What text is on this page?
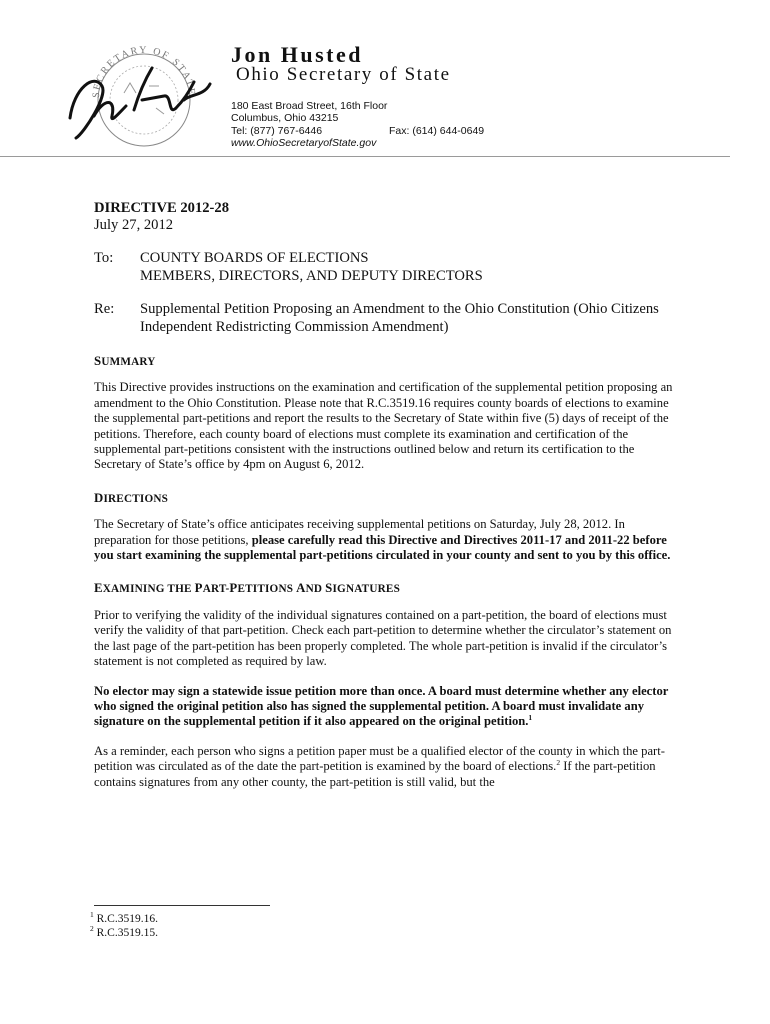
SECRETARY OF STATE
Jon Husted
Jon Husted
Ohio Secretary of State
180 East Broad Street, 16th Floor
Columbus, Ohio 43215
Tel: (877) 767-6446	Fax: (614) 644-0649
www.OhioSecretaryofState.gov
DIRECTIVE 2012-28
July 27, 2012
To:	COUNTY BOARDS OF ELECTIONS
MEMBERS, DIRECTORS, AND DEPUTY DIRECTORS
Re:	Supplemental Petition Proposing an Amendment to the Ohio Constitution (Ohio Citizens Independent Redistricting Commission Amendment)
SUMMARY

This Directive provides instructions on the examination and certification of the supplemental petition proposing an amendment to the Ohio Constitution. Please note that R.C.3519.16 requires county boards of elections to examine the supplemental part-petitions and report the results to the Secretary of State within five (5) days of receipt of the petitions. Therefore, each county board of elections must complete its examination and certification of the supplemental part-petitions consistent with the instructions outlined below and return its certification to the Secretary of State’s office by 4pm on August 6, 2012.

DIRECTIONS

The Secretary of State’s office anticipates receiving supplemental petitions on Saturday, July 28, 2012. In preparation for those petitions, please carefully read this Directive and Directives 2011-17 and 2011-22 before you start examining the supplemental part-petitions circulated in your county and sent to you by this office.

EXAMINING THE PART-PETITIONS AND SIGNATURES

Prior to verifying the validity of the individual signatures contained on a part-petition, the board of elections must verify the validity of that part-petition. Check each part-petition to determine whether the circulator’s statement on the last page of the part-petition has been properly completed. The whole part-petition is invalid if the circulator’s statement is not completed as required by law.

No elector may sign a statewide issue petition more than once. A board must determine whether any elector who signed the original petition also has signed the supplemental petition. A board must invalidate any signature on the supplemental petition if it also appeared on the original petition.$^1$

As a reminder, each person who signs a petition paper must be a qualified elector of the county in which the part-petition was circulated as of the date the part-petition is examined by the board of elections.$^2$ If the part-petition contains signatures from any other county, the part-petition is still valid, but the

$^1$ R.C.3519.16.
$^2$ R.C.3519.15.
